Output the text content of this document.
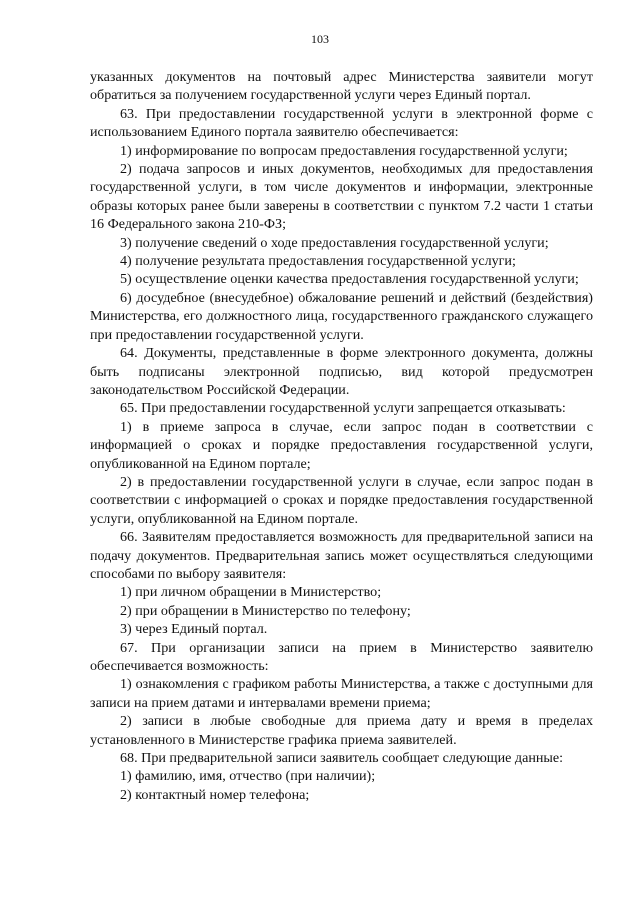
103

указанных документов на почтовый адрес Министерства заявители могут обратиться за получением государственной услуги через Единый портал.

63. При предоставлении государственной услуги в электронной форме с использованием Единого портала заявителю обеспечивается:

1) информирование по вопросам предоставления государственной услуги;

2) подача запросов и иных документов, необходимых для предоставления государственной услуги, в том числе документов и информации, электронные образы которых ранее были заверены в соответствии с пунктом 7.2 части 1 статьи 16 Федерального закона 210-ФЗ;

3) получение сведений о ходе предоставления государственной услуги;

4) получение результата предоставления государственной услуги;

5) осуществление оценки качества предоставления государственной услуги;

6) досудебное (внесудебное) обжалование решений и действий (бездействия) Министерства, его должностного лица, государственного гражданского служащего при предоставлении государственной услуги.

64. Документы, представленные в форме электронного документа, должны быть подписаны электронной подписью, вид которой предусмотрен законодательством Российской Федерации.

65. При предоставлении государственной услуги запрещается отказывать:

1) в приеме запроса в случае, если запрос подан в соответствии с информацией о сроках и порядке предоставления государственной услуги, опубликованной на Едином портале;

2) в предоставлении государственной услуги в случае, если запрос подан в соответствии с информацией о сроках и порядке предоставления государственной услуги, опубликованной на Едином портале.

66. Заявителям предоставляется возможность для предварительной записи на подачу документов. Предварительная запись может осуществляться следующими способами по выбору заявителя:

1) при личном обращении в Министерство;

2) при обращении в Министерство по телефону;

3) через Единый портал.

67. При организации записи на прием в Министерство заявителю обеспечивается возможность:

1) ознакомления с графиком работы Министерства, а также с доступными для записи на прием датами и интервалами времени приема;

2) записи в любые свободные для приема дату и время в пределах установленного в Министерстве графика приема заявителей.

68. При предварительной записи заявитель сообщает следующие данные:

1) фамилию, имя, отчество (при наличии);

2) контактный номер телефона;
